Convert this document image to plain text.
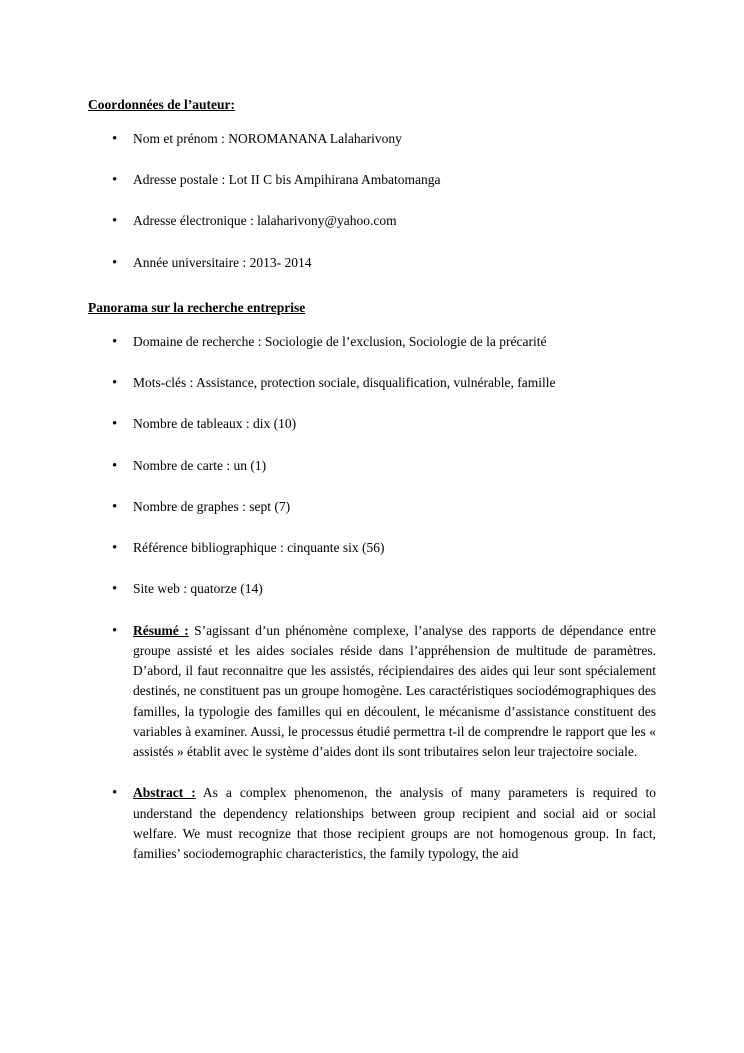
Coordonnées de l’auteur:
• Nom et prénom : NOROMANANA Lalaharivony
• Adresse postale : Lot II C bis Ampihirana Ambatomanga
• Adresse électronique : lalaharivony@yahoo.com
• Année universitaire : 2013- 2014
Panorama sur la recherche entreprise
• Domaine de recherche : Sociologie de l’exclusion, Sociologie de la précarité
• Mots-clés : Assistance, protection sociale, disqualification, vulnérable, famille
• Nombre de tableaux : dix (10)
• Nombre de carte : un (1)
• Nombre de graphes : sept (7)
• Référence bibliographique : cinquante six (56)
• Site web : quatorze (14)
• Résumé : S’agissant d’un phénomène complexe, l’analyse des rapports de dépendance entre groupe assisté et les aides sociales réside dans l’appréhension de multitude de paramètres. D’abord, il faut reconnaitre que les assistés, récipiendaires des aides qui leur sont spécialement destinés, ne constituent pas un groupe homogène. Les caractéristiques sociodémographiques des familles, la typologie des familles qui en découlent, le mécanisme d’assistance constituent des variables à examiner. Aussi, le processus étudié permettra t-il de comprendre le rapport que les « assistés » établit avec le système d’aides dont ils sont tributaires selon leur trajectoire sociale.
• Abstract : As a complex phenomenon, the analysis of many parameters is required to understand the dependency relationships between group recipient and social aid or social welfare. We must recognize that those recipient groups are not homogenous group. In fact, families’ sociodemographic characteristics, the family typology, the aid
